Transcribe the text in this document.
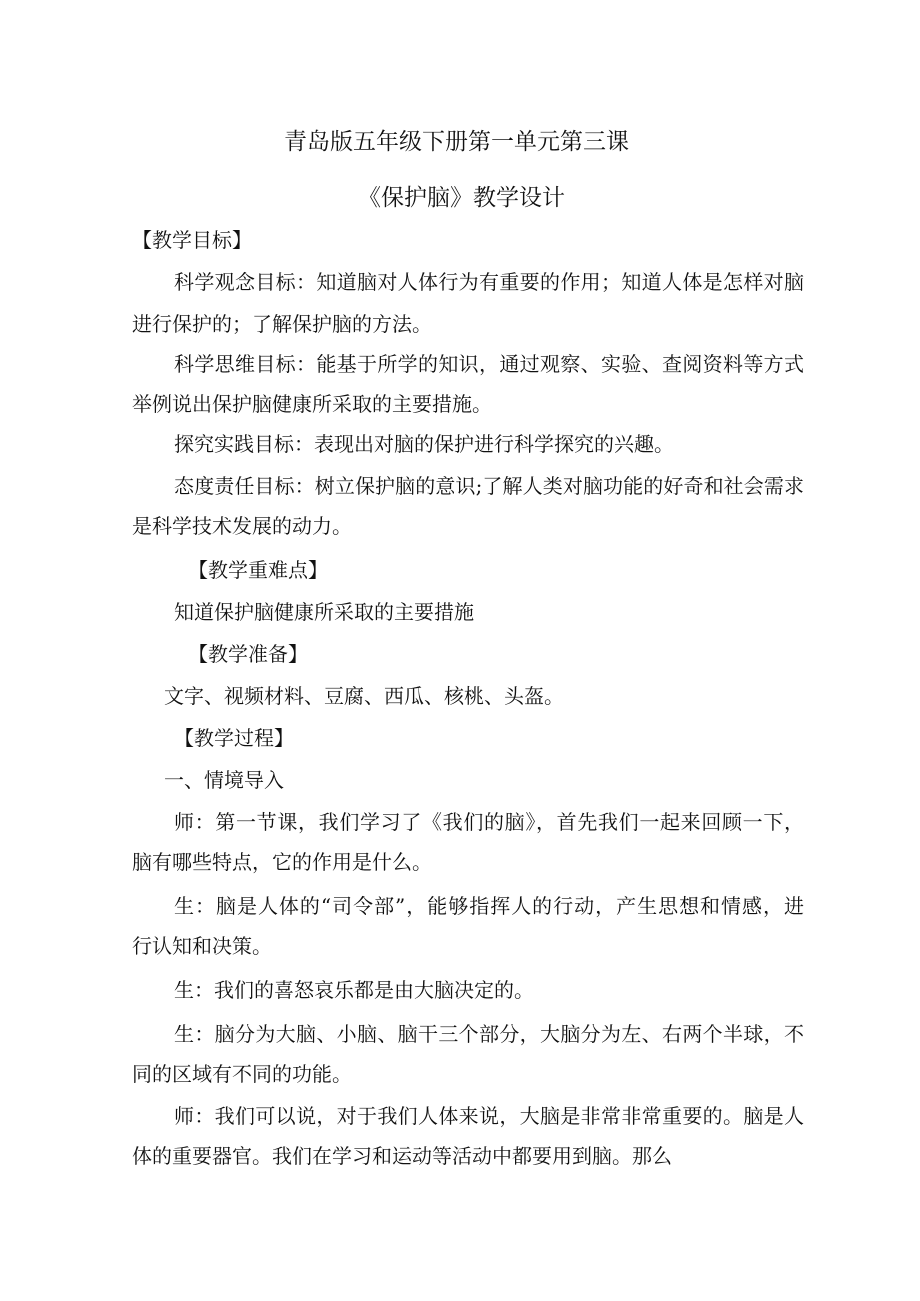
青岛版五年级下册第一单元第三课
《保护脑》教学设计
【教学目标】
科学观念目标：知道脑对人体行为有重要的作用；知道人体是怎样对脑
进行保护的；了解保护脑的方法。
科学思维目标：能基于所学的知识，通过观察、实验、查阅资料等方式
举例说出保护脑健康所采取的主要措施。
探究实践目标：表现出对脑的保护进行科学探究的兴趣。
态度责任目标：树立保护脑的意识;了解人类对脑功能的好奇和社会需求
是科学技术发展的动力。
【教学重难点】
知道保护脑健康所采取的主要措施
【教学准备】
文字、视频材料、豆腐、西瓜、核桃、头盔。
【教学过程】
一、情境导入
师：第一节课，我们学习了《我们的脑》，首先我们一起来回顾一下，
脑有哪些特点，它的作用是什么。
生：脑是人体的“司令部”，能够指挥人的行动，产生思想和情感，进
行认知和决策。
生：我们的喜怒哀乐都是由大脑决定的。
生：脑分为大脑、小脑、脑干三个部分，大脑分为左、右两个半球，不
同的区域有不同的功能。
师：我们可以说，对于我们人体来说，大脑是非常非常重要的。脑是人
体的重要器官。我们在学习和运动等活动中都要用到脑。那么
